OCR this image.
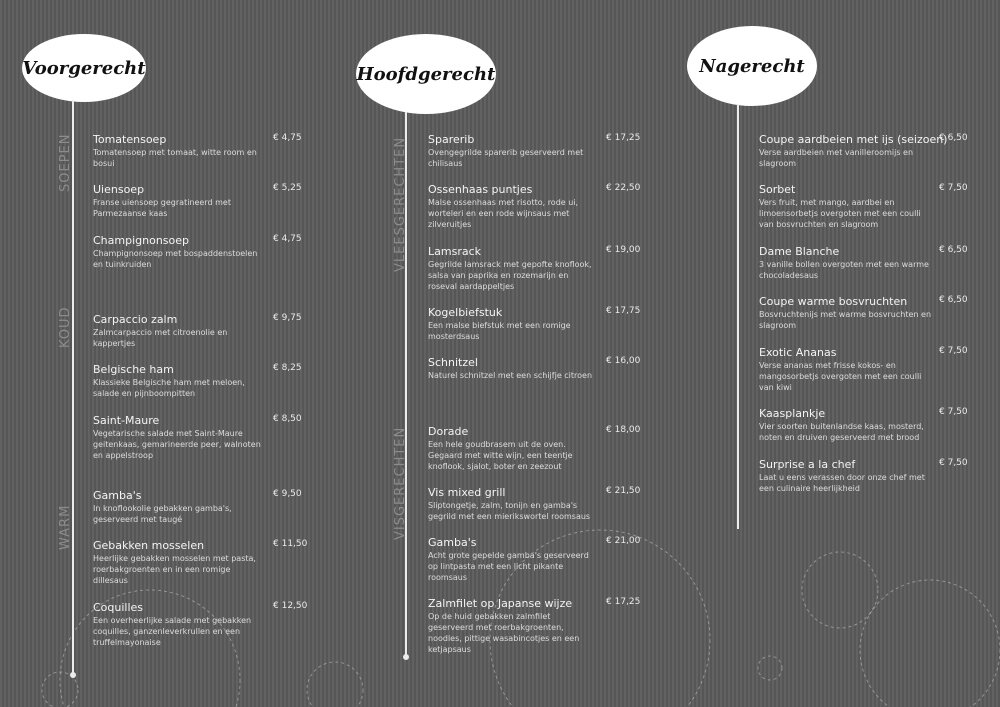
Voorgerecht
SOEPEN
KOUD
WARM
Tomatensoep
Tomatensoep met tomaat, witte room en bosui
€ 4,75
Uiensoep
Franse uiensoep gegratineerd met Parmezaanse kaas
€ 5,25
Champignonsoep
Champignonsoep met bospaddenstoelen en tuinkruiden
€ 4,75
Carpaccio zalm
Zalmcarpaccio met citroenolie en kappertjes
€ 9,75
Belgische ham
Klassieke Belgische ham met meloen, salade en pijnboompitten
€ 8,25
Saint-Maure
Vegetarische salade met Saint-Maure geitenkaas, gemarineerde peer, walnoten en appelstroop
€ 8,50
Gamba's
In knoflookolie gebakken gamba's, geserveerd met taugé
€ 9,50
Gebakken mosselen
Heerlijke gebakken mosselen met pasta, roerbakgroenten en in een romige dillesaus
€ 11,50
Coquilles
Een overheerlijke salade met gebakken coquilles, ganzenleverkrullen en een truffelmayonaise
€ 12,50
Hoofdgerecht
VLEESGERECHTEN
VISGERECHTEN
Sparerib
Ovengegrilde sparerib geserveerd met chilisaus
€ 17,25
Ossenhaas puntjes
Malse ossenhaas met risotto, rode ui, worteleri en een rode wijnsaus met zilveruitjes
€ 22,50
Lamsrack
Gegrilde lamsrack met gepofte knoflook, salsa van paprika en rozemarijn en roseval aardappeltjes
€ 19,00
Kogelbiefstuk
Een malse biefstuk met een romige mosterdsaus
€ 17,75
Schnitzel
Naturel schnitzel met een schijfje citroen
€ 16,00
Dorade
Een hele goudbrasem uit de oven. Gegaard met witte wijn, een teentje knoflook, sjalot, boter en zeezout
€ 18,00
Vis mixed grill
Sliptongetje, zalm, tonijn en gamba's gegrild met een mierikswortel roomsaus
€ 21,50
Gamba's
Acht grote gepelde gamba's geserveerd op lintpasta met een licht pikante roomsaus
€ 21,00
Zalmfilet op Japanse wijze
Op de huid gebakken zalmfilet geserveerd met roerbakgroenten, noodles, pittige wasabincotjes en een ketjapsaus
€ 17,25
Nagerecht
Coupe aardbeien met ijs (seizoen)
Verse aardbeien met vanilleroomijs en slagroom
€ 6,50
Sorbet
Vers fruit, met mango, aardbei en limoensorbetjs overgoten met een coulli van bosvruchten en slagroom
€ 7,50
Dame Blanche
3 vanille bollen overgoten met een warme chocoladesaus
€ 6,50
Coupe warme bosvruchten
Bosvruchtenijs met warme bosvruchten en slagroom
€ 6,50
Exotic Ananas
Verse ananas met frisse kokos- en mangosorbetjs overgoten met een coulli van kiwi
€ 7,50
Kaasplankje
Vier soorten buitenlandse kaas, mosterd, noten en druiven geserveerd met brood
€ 7,50
Surprise a la chef
Laat u eens verassen door onze chef met een culinaire heerlijkheid
€ 7,50
